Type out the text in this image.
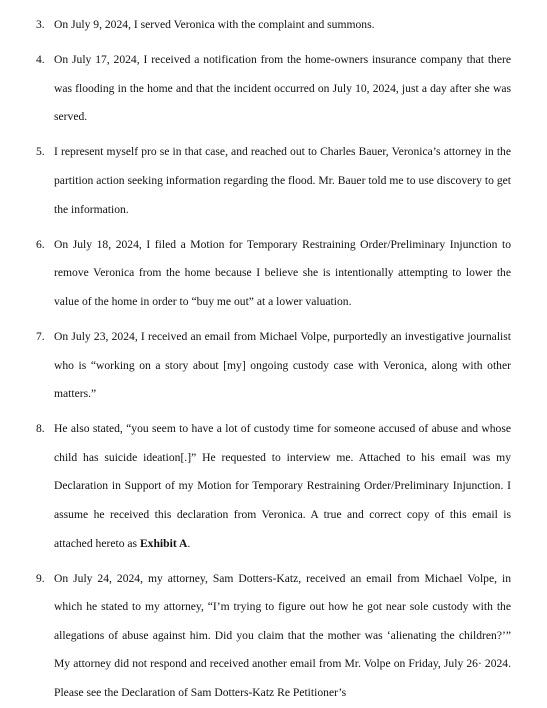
3. On July 9, 2024, I served Veronica with the complaint and summons.
4. On July 17, 2024, I received a notification from the home-owners insurance company that there was flooding in the home and that the incident occurred on July 10, 2024, just a day after she was served.
5. I represent myself pro se in that case, and reached out to Charles Bauer, Veronica’s attorney in the partition action seeking information regarding the flood. Mr. Bauer told me to use discovery to get the information.
6. On July 18, 2024, I filed a Motion for Temporary Restraining Order/Preliminary Injunction to remove Veronica from the home because I believe she is intentionally attempting to lower the value of the home in order to “buy me out” at a lower valuation.
7. On July 23, 2024, I received an email from Michael Volpe, purportedly an investigative journalist who is “working on a story about [my] ongoing custody case with Veronica, along with other matters.”
8. He also stated, “you seem to have a lot of custody time for someone accused of abuse and whose child has suicide ideation[.]” He requested to interview me. Attached to his email was my Declaration in Support of my Motion for Temporary Restraining Order/Preliminary Injunction. I assume he received this declaration from Veronica. A true and correct copy of this email is attached hereto as Exhibit A.
9. On July 24, 2024, my attorney, Sam Dotters-Katz, received an email from Michael Volpe, in which he stated to my attorney, “I’m trying to figure out how he got near sole custody with the allegations of abuse against him. Did you claim that the mother was ‘alienating the children?’” My attorney did not respond and received another email from Mr. Volpe on Friday, July 26· 2024. Please see the Declaration of Sam Dotters-Katz Re Petitioner’s
